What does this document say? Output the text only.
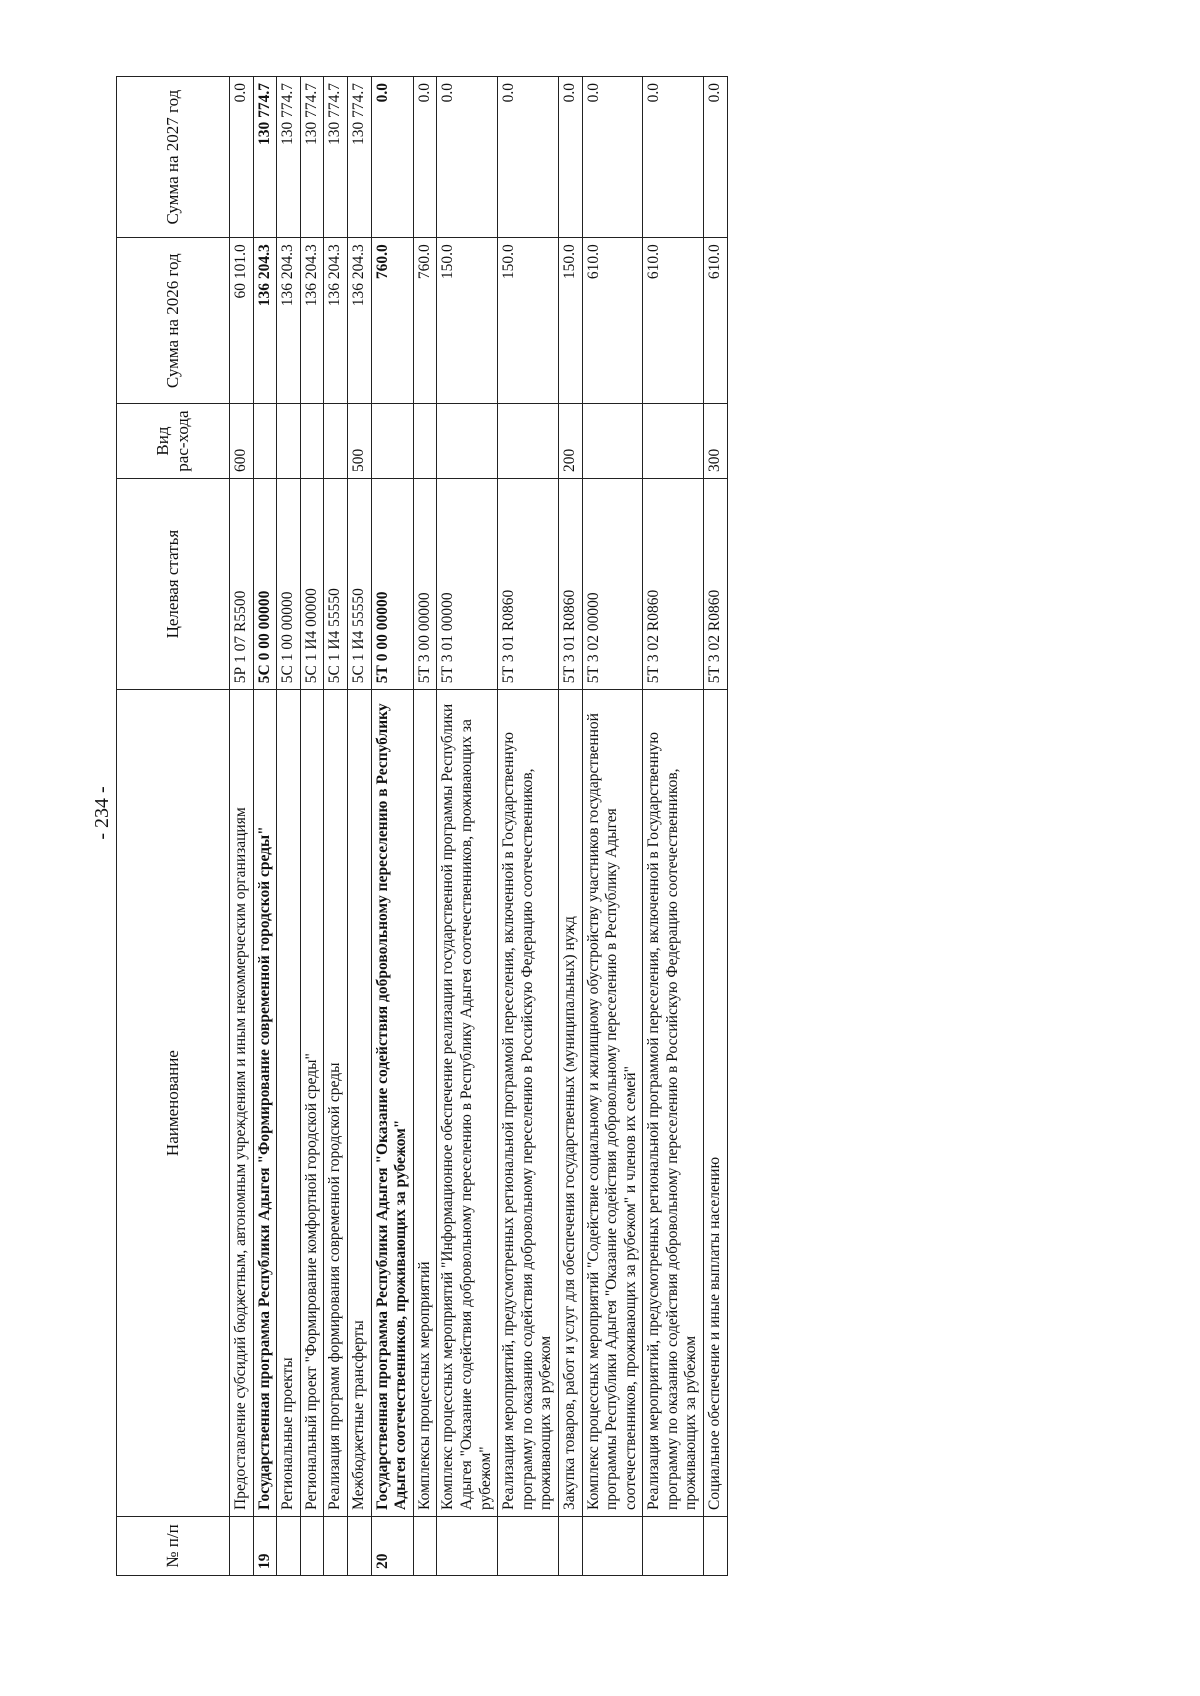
- 234 -
№ п/п	Наименование	Целевая статья	Вид рас-хода	Сумма на 2026 год	Сумма на 2027 год
	Предоставление субсидий бюджетным, автономным учреждениям и иным некоммерческим организациям	5Р 1 07 R5500	600	60 101.0	0.0
19	Государственная программа Республики Адыгея "Формирование современной городской среды"	5С 0 00 00000		136 204.3	130 774.7
	Региональные проекты	5С 1 00 00000		136 204.3	130 774.7
	Региональный проект "Формирование комфортной городской среды"	5С 1 И4 00000		136 204.3	130 774.7
	Реализация программ формирования современной городской среды	5С 1 И4 55550		136 204.3	130 774.7
	Межбюджетные трансферты	5С 1 И4 55550	500	136 204.3	130 774.7
20	Государственная программа Республики Адыгея "Оказание содействия добровольному переселению в Республику Адыгея соотечественников, проживающих за рубежом"	5Т 0 00 00000		760.0	0.0
	Комплексы процессных мероприятий	5Т 3 00 00000		760.0	0.0
	Комплекс процессных мероприятий "Информационное обеспечение реализации государственной программы Республики Адыгея "Оказание содействия добровольному переселению в Республику Адыгея соотечественников, проживающих за рубежом"	5Т 3 01 00000		150.0	0.0
	Реализация мероприятий, предусмотренных региональной программой переселения, включенной в Государственную программу по оказанию содействия добровольному переселению в Российскую Федерацию соотечественников, проживающих за рубежом	5Т 3 01 R0860		150.0	0.0
	Закупка товаров, работ и услуг для обеспечения государственных (муниципальных) нужд	5Т 3 01 R0860	200	150.0	0.0
	Комплекс процессных мероприятий "Содействие социальному и жилищному обустройству участников государственной программы Республики Адыгея "Оказание содействия добровольному переселению в Республику Адыгея соотечественников, проживающих за рубежом" и членов их семей"	5Т 3 02 00000		610.0	0.0
	Реализация мероприятий, предусмотренных региональной программой переселения, включенной в Государственную программу по оказанию содействия добровольному переселению в Российскую Федерацию соотечественников, проживающих за рубежом	5Т 3 02 R0860		610.0	0.0
	Социальное обеспечение и иные выплаты населению	5Т 3 02 R0860	300	610.0	0.0
